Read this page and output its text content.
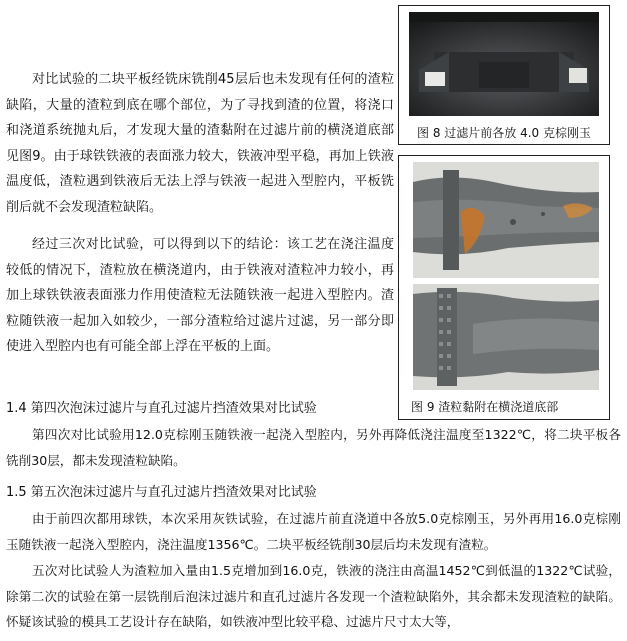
对比试验的二块平板经铣床铣削45层后也未发现有任何的渣粒缺陷，大量的渣粒到底在哪个部位，为了寻找到渣的位置，将浇口和浇道系统抛丸后，才发现大量的渣黏附在过滤片前的横浇道底部见图9。由于球铁铁液的表面涨力较大，铁液冲型平稳，再加上铁液温度低，渣粒遇到铁液后无法上浮与铁液一起进入型腔内，平板铣削后就不会发现渣粒缺陷。

经过三次对比试验，可以得到以下的结论：该工艺在浇注温度较低的情况下，渣粒放在横浇道内，由于铁液对渣粒冲力较小，再加上球铁铁液表面涨力作用使渣粒无法随铁液一起进入型腔内。渣粒随铁液一起加入如较少，一部分渣粒给过滤片过滤，另一部分即使进入型腔内也有可能全部上浮在平板的上面。

1.4 第四次泡沫过滤片与直孔过滤片挡渣效果对比试验

第四次对比试验用12.0克棕刚玉随铁液一起浇入型腔内，另外再降低浇注温度至1322℃，将二块平板各铣削30层，都未发现渣粒缺陷。

1.5 第五次泡沫过滤片与直孔过滤片挡渣效果对比试验

由于前四次都用球铁，本次采用灰铁试验，在过滤片前直浇道中各放5.0克棕刚玉，另外再用16.0克棕刚玉随铁液一起浇入型腔内，浇注温度1356℃。二块平板经铣削30层后均未发现有渣粒。

五次对比试验人为渣粒加入量由1.5克增加到16.0克，铁液的浇注由高温1452℃到低温的1322℃试验，除第二次的试验在第一层铣削后泡沫过滤片和直孔过滤片各发现一个渣粒缺陷外，其余都未发现渣粒的缺陷。怀疑该试验的模具工艺设计存在缺陷，如铁液冲型比较平稳、过滤片尺寸太大等，

图 8 过滤片前各放 4.0 克棕刚玉
图 9 渣粒黏附在横浇道底部
